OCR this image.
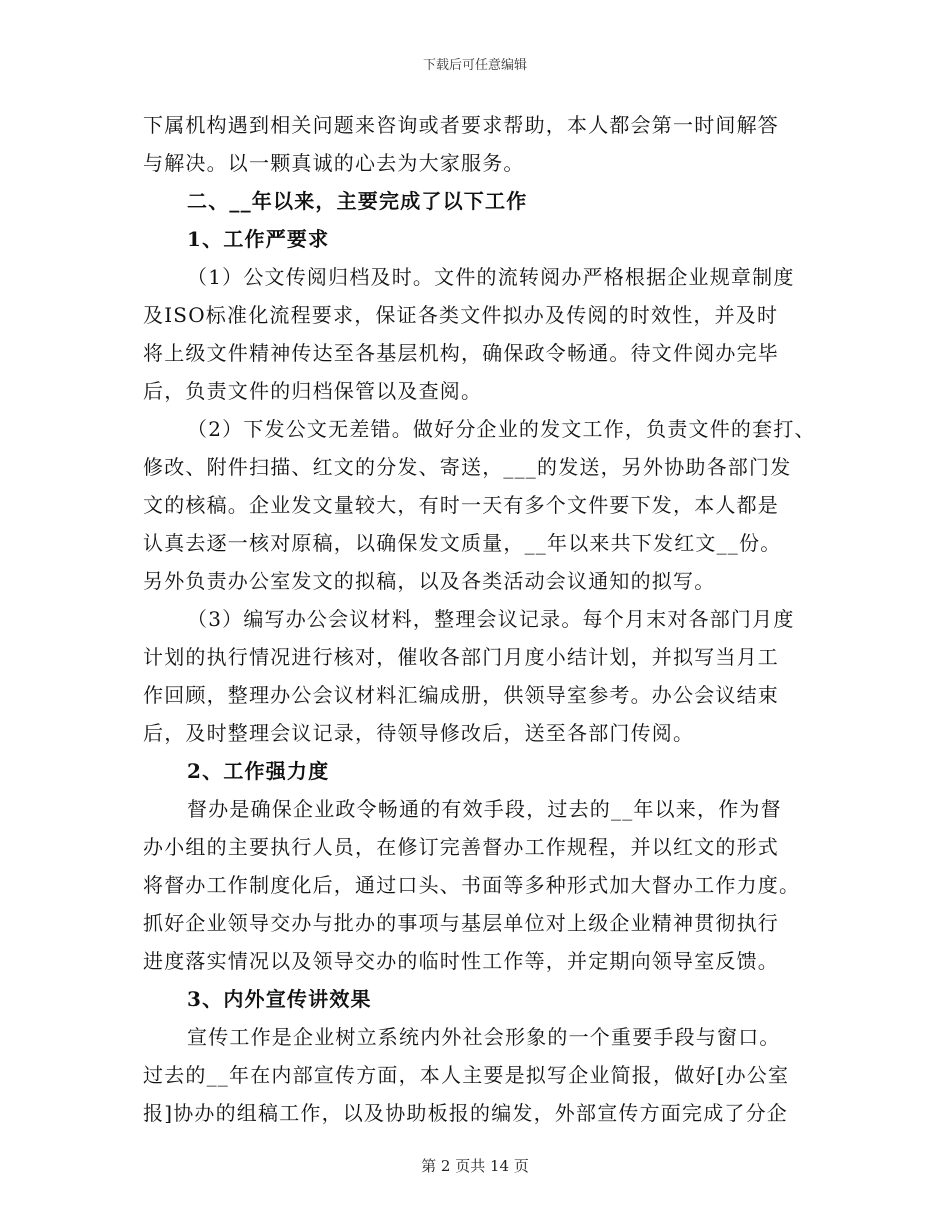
下载后可任意编辑
下属机构遇到相关问题来咨询或者要求帮助，本人都会第一时间解答
与解决。以一颗真诚的心去为大家服务。
二、__年以来，主要完成了以下工作
1、工作严要求
（1）公文传阅归档及时。文件的流转阅办严格根据企业规章制度
及ISO标准化流程要求，保证各类文件拟办及传阅的时效性，并及时
将上级文件精神传达至各基层机构，确保政令畅通。待文件阅办完毕
后，负责文件的归档保管以及查阅。
（2）下发公文无差错。做好分企业的发文工作，负责文件的套打、
修改、附件扫描、红文的分发、寄送，___的发送，另外协助各部门发
文的核稿。企业发文量较大，有时一天有多个文件要下发，本人都是
认真去逐一核对原稿，以确保发文质量，__年以来共下发红文__份。
另外负责办公室发文的拟稿，以及各类活动会议通知的拟写。
（3）编写办公会议材料，整理会议记录。每个月末对各部门月度
计划的执行情况进行核对，催收各部门月度小结计划，并拟写当月工
作回顾，整理办公会议材料汇编成册，供领导室参考。办公会议结束
后，及时整理会议记录，待领导修改后，送至各部门传阅。
2、工作强力度
督办是确保企业政令畅通的有效手段，过去的__年以来，作为督
办小组的主要执行人员，在修订完善督办工作规程，并以红文的形式
将督办工作制度化后，通过口头、书面等多种形式加大督办工作力度。
抓好企业领导交办与批办的事项与基层单位对上级企业精神贯彻执行
进度落实情况以及领导交办的临时性工作等，并定期向领导室反馈。
3、内外宣传讲效果
宣传工作是企业树立系统内外社会形象的一个重要手段与窗口。
过去的__年在内部宣传方面，本人主要是拟写企业简报，做好[办公室
报]协办的组稿工作，以及协助板报的编发，外部宣传方面完成了分企
第 2 页共 14 页
